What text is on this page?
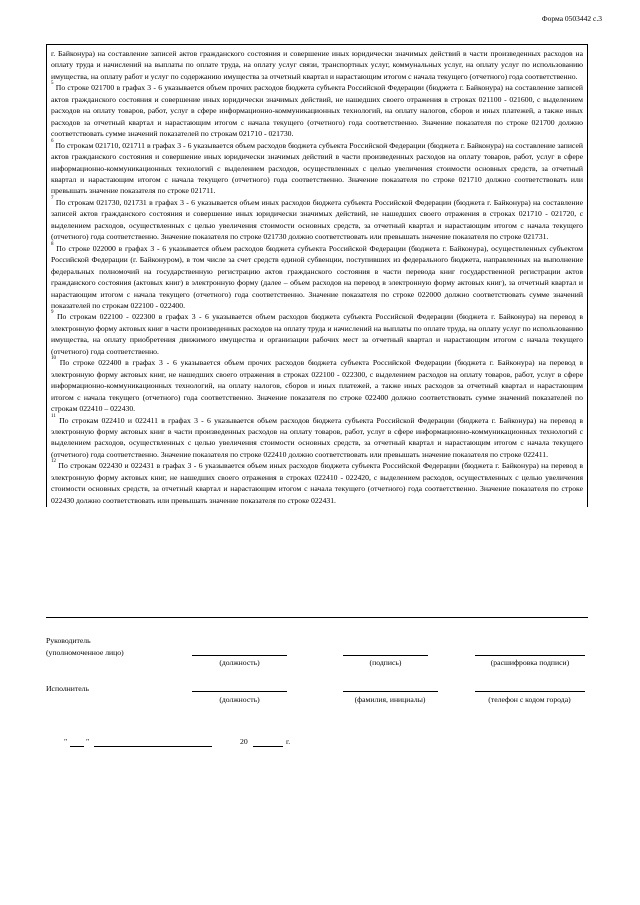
Форма 0503442 с.3

г. Байконура) на составление записей актов гражданского состояния и совершение иных юридически значимых действий в части произведенных расходов на оплату труда и начислений на выплаты по оплате труда, на оплату услуг связи, транспортных услуг, коммунальных услуг, на оплату услуг по использованию имущества, на оплату работ и услуг по содержанию имущества за отчетный квартал и нарастающим итогом с начала текущего (отчетного) года соответственно.

$^5$ По строке 021700 в графах 3 - 6 указывается объем прочих расходов бюджета субъекта Российской Федерации (бюджета г. Байконура) на составление записей актов гражданского состояния и совершение иных юридически значимых действий, не нашедших своего отражения в строках 021100 - 021600, с выделением расходов на оплату товаров, работ, услуг в сфере информационно-коммуникационных технологий, на оплату налогов, сборов и иных платежей, а также иных расходов за отчетный квартал и нарастающим итогом с начала текущего (отчетного) года соответственно. Значение показателя по строке 021700 должно соответствовать сумме значений показателей по строкам 021710 - 021730.

$^6$ По строкам 021710, 021711 в графах 3 - 6 указывается объем расходов бюджета субъекта Российской Федерации (бюджета г. Байконура) на составление записей актов гражданского состояния и совершение иных юридически значимых действий в части произведенных расходов на оплату товаров, работ, услуг в сфере информационно-коммуникационных технологий с выделением расходов, осуществленных с целью увеличения стоимости основных средств, за отчетный квартал и нарастающим итогом с начала текущего (отчетного) года соответственно. Значение показателя по строке 021710 должно соответствовать или превышать значение показателя по строке 021711.

$^7$ По строкам 021730, 021731 в графах 3 - 6 указывается объем иных расходов бюджета субъекта Российской Федерации (бюджета г. Байконура) на составление записей актов гражданского состояния и совершение иных юридически значимых действий, не нашедших своего отражения в строках 021710 - 021720, с выделением расходов, осуществленных с целью увеличения стоимости основных средств, за отчетный квартал и нарастающим итогом с начала текущего (отчетного) года соответственно. Значение показателя по строке 021730 должно соответствовать или превышать значение показателя по строке 021731.

$^8$ По строке 022000 в графах 3 - 6 указывается объем расходов бюджета субъекта Российской Федерации (бюджета г. Байконура), осуществленных субъектом Российской Федерации (г. Байконуром), в том числе за счет средств единой субвенции, поступивших из федерального бюджета, направленных на выполнение федеральных полномочий на государственную регистрацию актов гражданского состояния в части перевода книг государственной регистрации актов гражданского состояния (актовых книг) в электронную форму (далее – объем расходов на перевод в электронную форму актовых книг), за отчетный квартал и нарастающим итогом с начала текущего (отчетного) года соответственно. Значение показателя по строке 022000 должно соответствовать сумме значений показателей по строкам 022100 - 022400.

$^9$ По строкам 022100 - 022300 в графах 3 - 6 указывается объем расходов бюджета субъекта Российской Федерации (бюджета г. Байконура) на перевод в электронную форму актовых книг в части произведенных расходов на оплату труда и начислений на выплаты по оплате труда, на оплату услуг по использованию имущества, на оплату приобретения движимого имущества и организации рабочих мест за отчетный квартал и нарастающим итогом с начала текущего (отчетного) года соответственно.

$^{10}$ По строке 022400 в графах 3 - 6 указывается объем прочих расходов бюджета субъекта Российской Федерации (бюджета г. Байконура) на перевод в электронную форму актовых книг, не нашедших своего отражения в строках 022100 - 022300, с выделением расходов на оплату товаров, работ, услуг в сфере информационно-коммуникационных технологий, на оплату налогов, сборов и иных платежей, а также иных расходов за отчетный квартал и нарастающим итогом с начала текущего (отчетного) года соответственно. Значение показателя по строке 022400 должно соответствовать сумме значений показателей по строкам 022410 – 022430.

$^{11}$ По строкам 022410 и 022411 в графах 3 - 6 указывается объем расходов бюджета субъекта Российской Федерации (бюджета г. Байконура) на перевод в электронную форму актовых книг в части произведенных расходов на оплату товаров, работ, услуг в сфере информационно-коммуникационных технологий с выделением расходов, осуществленных с целью увеличения стоимости основных средств, за отчетный квартал и нарастающим итогом с начала текущего (отчетного) года соответственно. Значение показателя по строке 022410 должно соответствовать или превышать значение показателя по строке 022411.

$^{12}$ По строкам 022430 и 022431 в графах 3 - 6 указывается объем иных расходов бюджета субъекта Российской Федерации (бюджета г. Байконура) на перевод в электронную форму актовых книг, не нашедших своего отражения в строках 022410 - 022420, с выделением расходов, осуществленных с целью увеличения стоимости основных средств, за отчетный квартал и нарастающим итогом с начала текущего (отчетного) года соответственно. Значение показателя по строке 022430 должно соответствовать или превышать значение показателя по строке 022431.

Руководитель
(уполномоченное лицо)
(должность)	(подпись)	(расшифровка подписи)
Исполнитель
(должность)	(фамилия, инициалы)	(телефон с кодом города)
" "	20	г.
